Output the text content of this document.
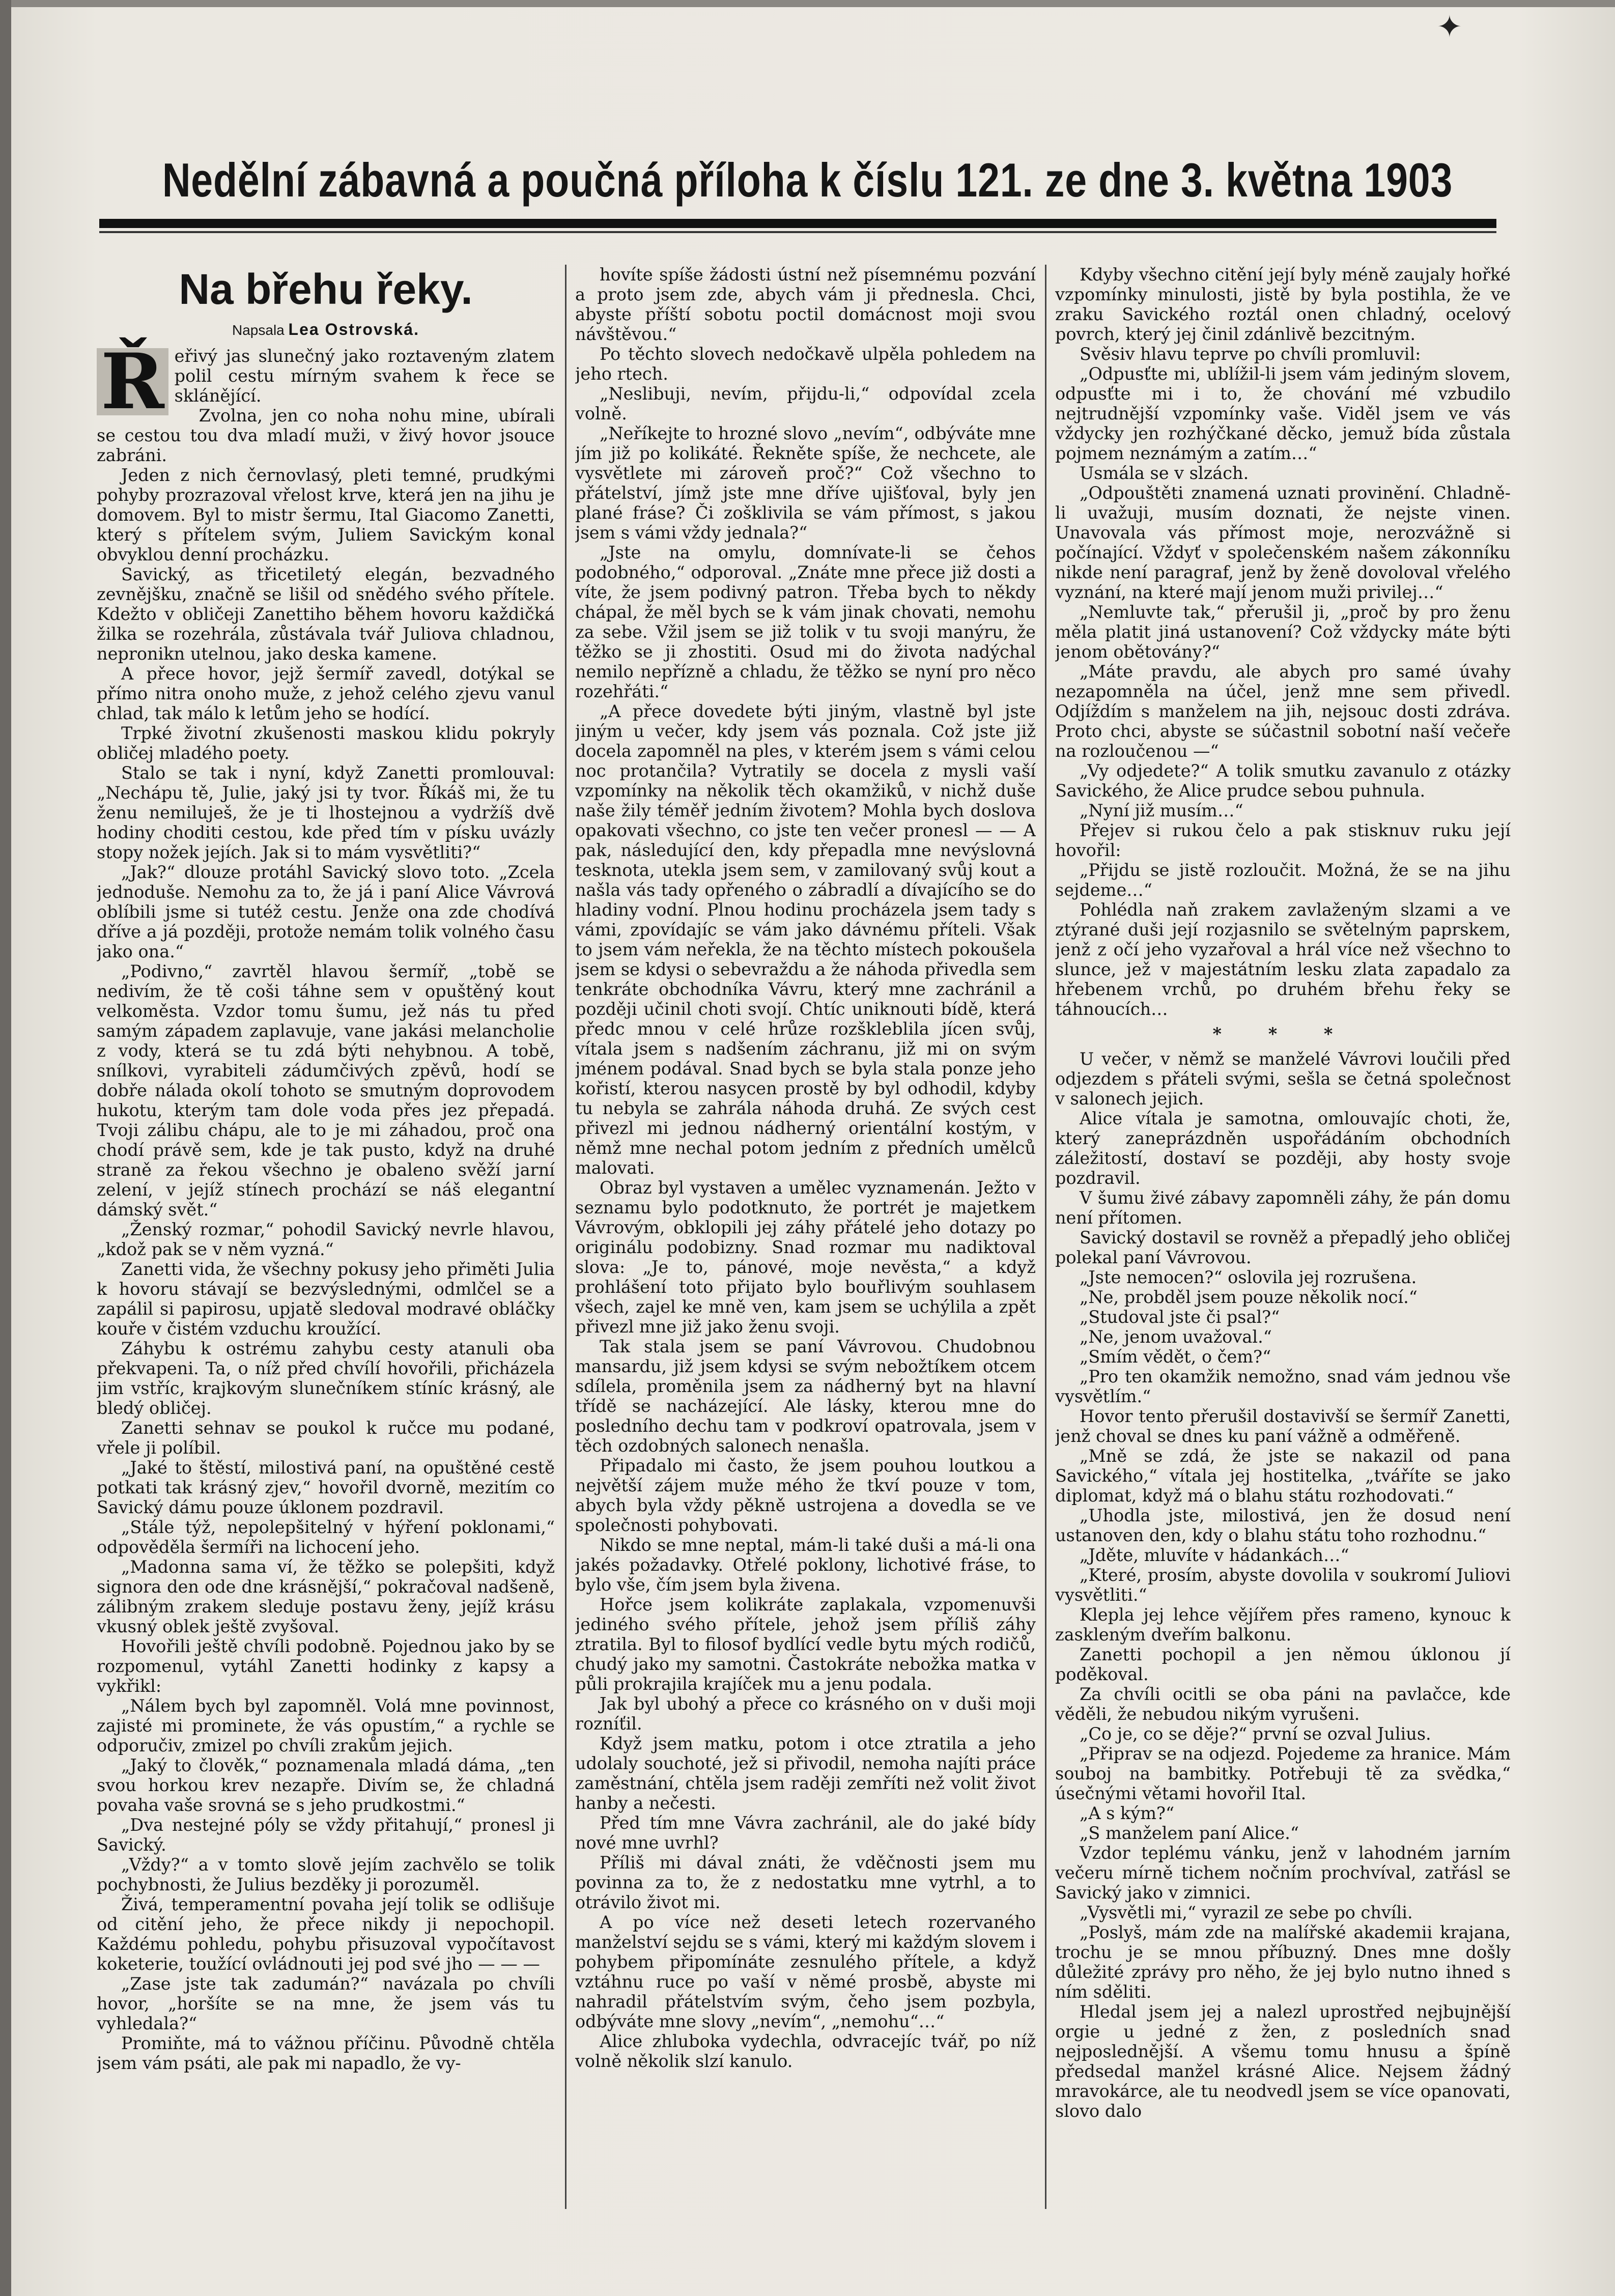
✦
Nedělní zábavná a poučná příloha k číslu 121. ze dne 3. května 1903
Na břehu řeky.
Napsala Lea Ostrovská.

Ř eřivý jas slunečný jako roztaveným zlatem polil cestu mírným svahem k řece se sklánějící.

Zvolna, jen co noha nohu mine, ubírali se cestou tou dva mladí muži, v živý hovor jsouce zabráni.

Jeden z nich černovlasý, pleti temné, prudkými pohyby prozrazoval vřelost krve, která jen na jihu je domovem. Byl to mistr šermu, Ital Giacomo Zanetti, který s přítelem svým, Juliem Savickým konal obvyklou denní procházku.

Savický, as třicetiletý elegán, bezvadného zevnějšku, značně se lišil od snědého svého přítele. Kdežto v obličeji Zanettiho během hovoru každičká žilka se rozehrála, zůstávala tvář Juliova chladnou, nepronikn utelnou, jako deska kamene.

A přece hovor, jejž šermíř zavedl, dotýkal se přímo nitra onoho muže, z jehož celého zjevu vanul chlad, tak málo k letům jeho se hodící.

Trpké životní zkušenosti maskou klidu pokryly obličej mladého poety.

Stalo se tak i nyní, když Zanetti promlouval: „Nechápu tě, Julie, jaký jsi ty tvor. Říkáš mi, že tu ženu nemiluješ, že je ti lhostejnou a vydržíš dvě hodiny choditi cestou, kde před tím v písku uvázly stopy nožek jejích. Jak si to mám vysvětliti?“

„Jak?“ dlouze protáhl Savický slovo toto. „Zcela jednoduše. Nemohu za to, že já i paní Alice Vávrová oblíbili jsme si tutéž cestu. Jenže ona zde chodívá dříve a já později, protože nemám tolik volného času jako ona.“

„Podivno,“ zavrtěl hlavou šermíř, „tobě se nedivím, že tě coši táhne sem v opuštěný kout velkoměsta. Vzdor tomu šumu, jež nás tu před samým západem zaplavuje, vane jakási melancholie z vody, která se tu zdá býti nehybnou. A tobě, snílkovi, vyrabiteli zádumčivých zpěvů, hodí se dobře nálada okolí tohoto se smutným doprovodem hukotu, kterým tam dole voda přes jez přepadá. Tvoji zálibu chápu, ale to je mi záhadou, proč ona chodí právě sem, kde je tak pusto, když na druhé straně za řekou všechno je obaleno svěží jarní zelení, v jejíž stínech prochází se náš elegantní dámský svět.“

„Ženský rozmar,“ pohodil Savický nevrle hlavou, „kdož pak se v něm vyzná.“

Zanetti vida, že všechny pokusy jeho přiměti Julia k hovoru stávají se bezvýslednými, odmlčel se a zapálil si papirosu, upjatě sledoval modravé obláčky kouře v čistém vzduchu kroužící.

Záhybu k ostrému zahybu cesty atanuli oba překvapeni. Ta, o níž před chvílí hovořili, přicházela jim vstříc, krajkovým slunečníkem stíníc krásný, ale bledý obličej.

Zanetti sehnav se poukol k ručce mu podané, vřele ji políbil.

„Jaké to štěstí, milostivá paní, na opuštěné cestě potkati tak krásný zjev,“ hovořil dvorně, mezitím co Savický dámu pouze úklonem pozdravil.

„Stále týž, nepolepšitelný v hýření poklonami,“ odpověděla šermíři na lichocení jeho.

„Madonna sama ví, že těžko se polepšiti, když signora den ode dne krásnější,“ pokračoval nadšeně, zálibným zrakem sleduje postavu ženy, jejíž krásu vkusný oblek ještě zvyšoval.

Hovořili ještě chvíli podobně. Pojednou jako by se rozpomenul, vytáhl Zanetti hodinky z kapsy a vykřikl:

„Nálem bych byl zapomněl. Volá mne povinnost, zajisté mi prominete, že vás opustím,“ a rychle se odporučiv, zmizel po chvíli zrakům jejich.

„Jaký to člověk,“ poznamenala mladá dáma, „ten svou horkou krev nezapře. Divím se, že chladná povaha vaše srovná se s jeho prudkostmi.“

„Dva nestejné póly se vždy přitahují,“ pronesl ji Savický.

„Vždy?“ a v tomto slově jejím zachvělo se tolik pochybnosti, že Julius bezděky ji porozuměl.

Živá, temperamentní povaha její tolik se odlišuje od citění jeho, že přece nikdy ji nepochopil. Každému pohledu, pohybu přisuzoval vypočítavost koketerie, toužící ovládnouti jej pod své jho — — —

„Zase jste tak zadumán?“ navázala po chvíli hovor, „horšíte se na mne, že jsem vás tu vyhledala?“

Promiňte, má to vážnou příčinu. Původně chtěla jsem vám psáti, ale pak mi napadlo, že vy-

hovíte spíše žádosti ústní než písemnému pozvání a proto jsem zde, abych vám ji přednesla. Chci, abyste příští sobotu poctil domácnost moji svou návštěvou.“

Po těchto slovech nedočkavě ulpěla pohledem na jeho rtech.

„Neslibuji, nevím, přijdu-li,“ odpovídal zcela volně.

„Neříkejte to hrozné slovo „nevím“, odbýváte mne jím již po kolikáté. Řekněte spíše, že nechcete, ale vysvětlete mi zároveň proč?“ Což všechno to přátelství, jímž jste mne dříve ujišťoval, byly jen plané fráse? Či zošklivila se vám přímost, s jakou jsem s vámi vždy jednala?“

„Jste na omylu, domnívate-li se čehos podobného,“ odporoval. „Znáte mne přece již dosti a víte, že jsem podivný patron. Třeba bych to někdy chápal, že měl bych se k vám jinak chovati, nemohu za sebe. Vžil jsem se již tolik v tu svoji manýru, že těžko se ji zhostiti. Osud mi do života nadýchal nemilo nepřízně a chladu, že těžko se nyní pro něco rozehřáti.“

„A přece dovedete býti jiným, vlastně byl jste jiným u večer, kdy jsem vás poznala. Což jste již docela zapomněl na ples, v kterém jsem s vámi celou noc protančila? Vytratily se docela z mysli vaší vzpomínky na několik těch okamžiků, v nichž duše naše žily téměř jedním životem? Mohla bych doslova opakovati všechno, co jste ten večer pronesl — — A pak, následující den, kdy přepadla mne nevýslovná tesknota, utekla jsem sem, v zamilovaný svůj kout a našla vás tady opřeného o zábradlí a dívajícího se do hladiny vodní. Plnou hodinu procházela jsem tady s vámi, zpovídajíc se vám jako dávnému příteli. Však to jsem vám neřekla, že na těchto místech pokoušela jsem se kdysi o sebevraždu a že náhoda přivedla sem tenkráte obchodníka Vávru, který mne zachránil a později učinil choti svojí. Chtíc uniknouti bídě, která předc mnou v celé hrůze rozškleblila jícen svůj, vítala jsem s nadšením záchranu, již mi on svým jménem podával. Snad bych se byla stala ponze jeho kořistí, kterou nasycen prostě by byl odhodil, kdyby tu nebyla se zahrála náhoda druhá. Ze svých cest přivezl mi jednou nádherný orientální kostým, v němž mne nechal potom jedním z předních umělců malovati.

Obraz byl vystaven a umělec vyznamenán. Ježto v seznamu bylo podotknuto, že portrét je majetkem Vávrovým, obklopili jej záhy přátelé jeho dotazy po originálu podobizny. Snad rozmar mu nadiktoval slova: „Je to, pánové, moje nevěsta,“ a když prohlášení toto přijato bylo bouřlivým souhlasem všech, zajel ke mně ven, kam jsem se uchýlila a zpět přivezl mne již jako ženu svoji.

Tak stala jsem se paní Vávrovou. Chudobnou mansardu, již jsem kdysi se svým nebožtíkem otcem sdílela, proměnila jsem za nádherný byt na hlavní třídě se nacházející. Ale lásky, kterou mne do posledního dechu tam v podkroví opatrovala, jsem v těch ozdobných salonech nenašla.

Připadalo mi často, že jsem pouhou loutkou a největší zájem muže mého že tkví pouze v tom, abych byla vždy pěkně ustrojena a dovedla se ve společnosti pohybovati.

Nikdo se mne neptal, mám-li také duši a má-li ona jakés požadavky. Otřelé poklony, lichotivé fráse, to bylo vše, čím jsem byla živena.

Hořce jsem kolikráte zaplakala, vzpomenuvši jediného svého přítele, jehož jsem příliš záhy ztratila. Byl to filosof bydlící vedle bytu mých rodičů, chudý jako my samotni. Častokráte nebožka matka v půli prokrajila krajíček mu a jenu podala.

Jak byl ubohý a přece co krásného on v duši moji rozníťil.

Když jsem matku, potom i otce ztratila a jeho udolaly souchoté, jež si přivodil, nemoha najíti práce zaměstnání, chtěla jsem raději zemříti než volit život hanby a nečesti.

Před tím mne Vávra zachránil, ale do jaké bídy nové mne uvrhl?

Příliš mi dával znáti, že vděčnosti jsem mu povinna za to, že z nedostatku mne vytrhl, a to otrávilo život mi.

A po více než deseti letech rozervaného manželství sejdu se s vámi, který mi každým slovem i pohybem připomínáte zesnulého přítele, a když vztáhnu ruce po vaší v němé prosbě, abyste mi nahradil přátelstvím svým, čeho jsem pozbyla, odbýváte mne slovy „nevím“, „nemohu“…“

Alice zhluboka vydechla, odvracejíc tvář, po níž volně několik slzí kanulo.

Kdyby všechno citění její byly méně zaujaly hořké vzpomínky minulosti, jistě by byla postihla, že ve zraku Savického roztál onen chladný, ocelový povrch, který jej činil zdánlivě bezcitným.

Svěsiv hlavu teprve po chvíli promluvil:

„Odpusťte mi, ublížil-li jsem vám jediným slovem, odpusťte mi i to, že chování mé vzbudilo nejtrudnější vzpomínky vaše. Viděl jsem ve vás vždycky jen rozhýčkané děcko, jemuž bída zůstala pojmem neznámým a zatím…“

Usmála se v slzách.

„Odpouštěti znamená uznati provinění. Chladně-li uvažuji, musím doznati, že nejste vinen. Unavovala vás přímost moje, nerozvážně si počínající. Vždyť v společenském našem zákonníku nikde není paragraf, jenž by ženě dovoloval vřelého vyznání, na které mají jenom muži privilej…“

„Nemluvte tak,“ přerušil ji, „proč by pro ženu měla platit jiná ustanovení? Což vždycky máte býti jenom obětovány?“

„Máte pravdu, ale abych pro samé úvahy nezapomněla na účel, jenž mne sem přivedl. Odjíždím s manželem na jih, nejsouc dosti zdráva. Proto chci, abyste se súčastnil sobotní naší večeře na rozloučenou —“

„Vy odjedete?“ A tolik smutku zavanulo z otázky Savického, že Alice prudce sebou puhnula.

„Nyní již musím…“

Přejev si rukou čelo a pak stisknuv ruku její hovořil:

„Přijdu se jistě rozloučit. Možná, že se na jihu sejdeme…“

Pohlédla naň zrakem zavlaženým slzami a ve ztýrané duši její rozjasnilo se světelným paprskem, jenž z očí jeho vyzařoval a hrál více než všechno to slunce, jež v majestátním lesku zlata zapadalo za hřebenem vrchů, po druhém břehu řeky se táhnoucích…

* * *

U večer, v němž se manželé Vávrovi loučili před odjezdem s přáteli svými, sešla se četná společnost v salonech jejich.

Alice vítala je samotna, omlouvajíc choti, že, který zaneprázdněn uspořádáním obchodních záležitostí, dostaví se později, aby hosty svoje pozdravil.

V šumu živé zábavy zapomněli záhy, že pán domu není přítomen.

Savický dostavil se rovněž a přepadlý jeho obličej polekal paní Vávrovou.

„Jste nemocen?“ oslovila jej rozrušena.

„Ne, probděl jsem pouze několik nocí.“

„Studoval jste či psal?“

„Ne, jenom uvažoval.“

„Smím vědět, o čem?“

„Pro ten okamžik nemožno, snad vám jednou vše vysvětlím.“

Hovor tento přerušil dostavivší se šermíř Zanetti, jenž choval se dnes ku paní vážně a odměřeně.

„Mně se zdá, že jste se nakazil od pana Savického,“ vítala jej hostitelka, „tváříte se jako diplomat, když má o blahu státu rozhodovati.“

„Uhodla jste, milostivá, jen že dosud není ustanoven den, kdy o blahu státu toho rozhodnu.“

„Jděte, mluvíte v hádankách…“

„Které, prosím, abyste dovolila v soukromí Juliovi vysvětliti.“

Klepla jej lehce vějířem přes rameno, kynouc k zaskleným dveřím balkonu.

Zanetti pochopil a jen němou úklonou jí poděkoval.

Za chvíli ocitli se oba páni na pavlačce, kde věděli, že nebudou nikým vyrušeni.

„Co je, co se děje?“ první se ozval Julius.

„Připrav se na odjezd. Pojedeme za hranice. Mám souboj na bambitky. Potřebuji tě za svědka,“ úsečnými větami hovořil Ital.

„A s kým?“

„S manželem paní Alice.“

Vzdor teplému vánku, jenž v lahodném jarním večeru mírně tichem nočním prochvíval, zatřásl se Savický jako v zimnici.

„Vysvětli mi,“ vyrazil ze sebe po chvíli.

„Poslyš, mám zde na malířské akademii krajana, trochu je se mnou příbuzný. Dnes mne došly důležité zprávy pro něho, že jej bylo nutno ihned s ním sděliti.

Hledal jsem jej a nalezl uprostřed nejbujnější orgie u jedné z žen, z posledních snad nejposlednější. A všemu tomu hnusu a špíně předsedal manžel krásné Alice. Nejsem žádný mravokárce, ale tu neodvedl jsem se více opanovati, slovo dalo
